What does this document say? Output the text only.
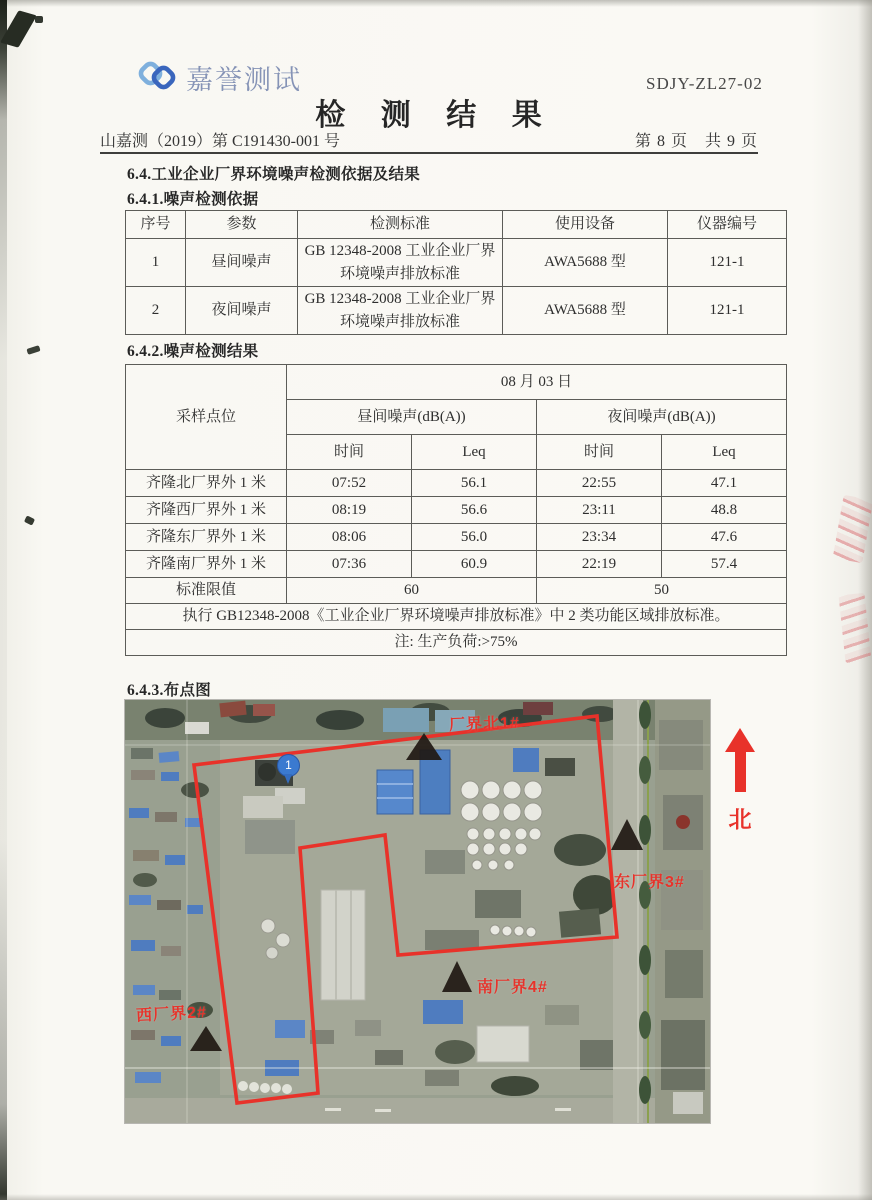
嘉誉测试	SDJY-ZL27-02
检 测 结 果
山嘉测（2019）第 C191430-001 号	第 8 页　共 9 页
6.4.工业企业厂界环境噪声检测依据及结果
6.4.1.噪声检测依据
序号	参数	检测标准	使用设备	仪器编号
1	昼间噪声	GB 12348-2008 工业企业厂界环境噪声排放标准	AWA5688 型	121-1
2	夜间噪声	GB 12348-2008 工业企业厂界环境噪声排放标准	AWA5688 型	121-1
6.4.2.噪声检测结果
采样点位	08 月 03 日			
	昼间噪声(dB(A))		夜间噪声(dB(A))	
	时间	Leq	时间	Leq
齐隆北厂界外 1 米	07:52	56.1	22:55	47.1
齐隆西厂界外 1 米	08:19	56.6	23:11	48.8
齐隆东厂界外 1 米	08:06	56.0	23:34	47.6
齐隆南厂界外 1 米	07:36	60.9	22:19	57.4
标准限值	60		50	
执行 GB12348-2008《工业企业厂界环境噪声排放标准》中 2 类功能区域排放标准。				
注: 生产负荷:>75%				
6.4.3.布点图
1
厂界北1#
东厂界3#
南厂界4#
西厂界2#
北
